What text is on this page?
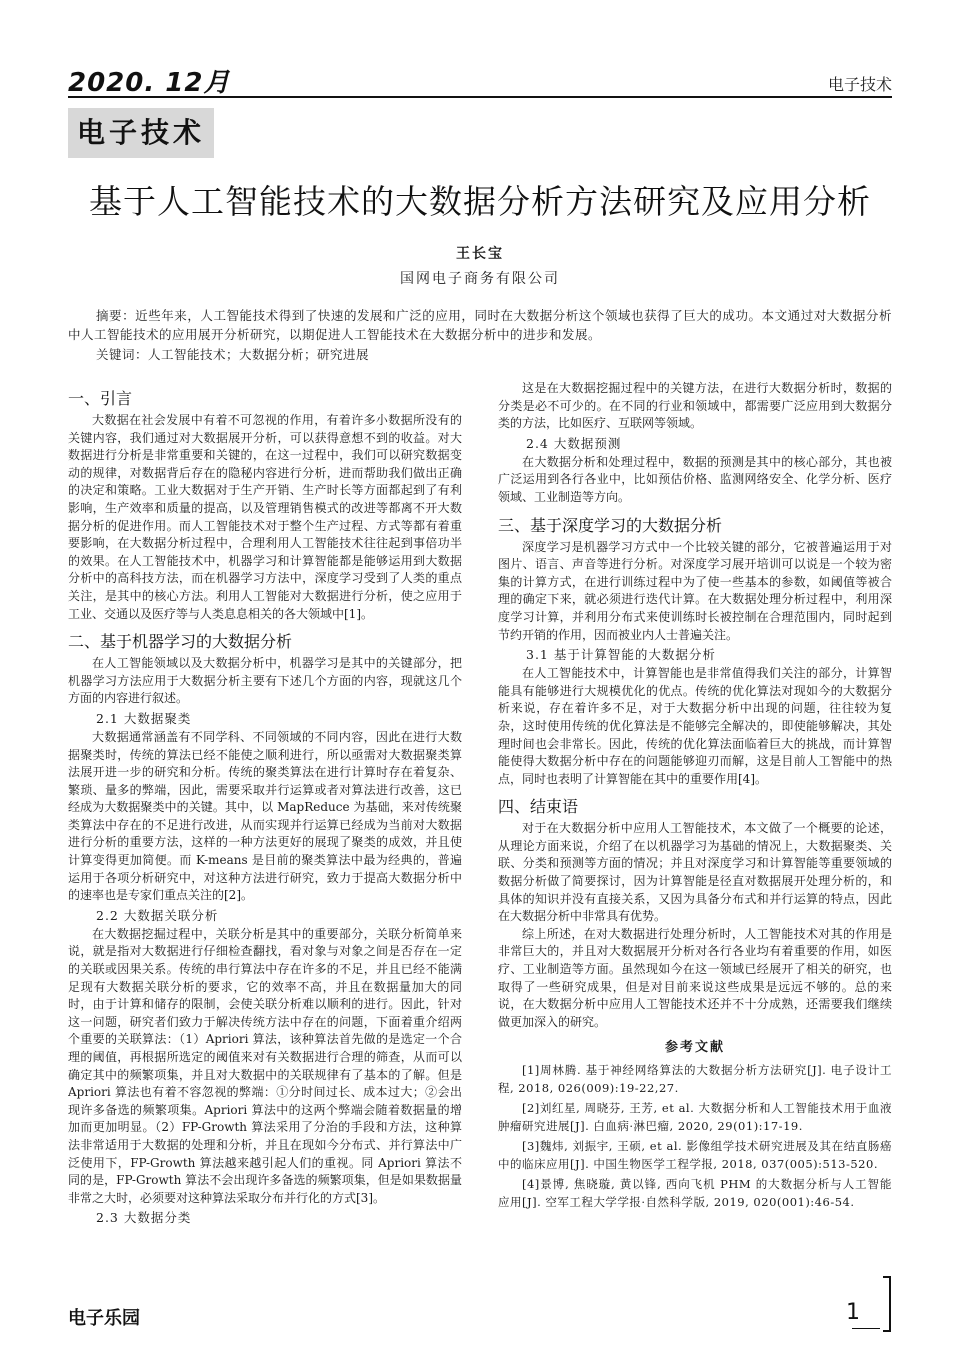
2020. 12月	电子技术
电子技术
基于人工智能技术的大数据分析方法研究及应用分析
王长宝
国网电子商务有限公司
摘要：近些年来，人工智能技术得到了快速的发展和广泛的应用，同时在大数据分析这个领域也获得了巨大的成功。本文通过对大数据分析中人工智能技术的应用展开分析研究，以期促进人工智能技术在大数据分析中的进步和发展。
关键词：人工智能技术；大数据分析；研究进展
一、引言

大数据在社会发展中有着不可忽视的作用，有着许多小数据所没有的关键内容，我们通过对大数据展开分析，可以获得意想不到的收益。对大数据进行分析是非常重要和关键的，在这一过程中，我们可以研究数据变动的规律，对数据背后存在的隐秘内容进行分析，进而帮助我们做出正确的决定和策略。工业大数据对于生产开销、生产时长等方面都起到了有利影响，生产效率和质量的提高，以及管理销售模式的改进等都离不开大数据分析的促进作用。而人工智能技术对于整个生产过程、方式等都有着重要影响，在大数据分析过程中，合理利用人工智能技术往往起到事倍功半的效果。在人工智能技术中，机器学习和计算智能都是能够运用到大数据分析中的高科技方法，而在机器学习方法中，深度学习受到了人类的重点关注，是其中的核心方法。利用人工智能对大数据进行分析，使之应用于工业、交通以及医疗等与人类息息相关的各大领域中[1]。

二、基于机器学习的大数据分析

在人工智能领域以及大数据分析中，机器学习是其中的关键部分，把机器学习方法应用于大数据分析主要有下述几个方面的内容，现就这几个方面的内容进行叙述。

2.1 大数据聚类

大数据通常涵盖有不同学科、不同领域的不同内容，因此在进行大数据聚类时，传统的算法已经不能使之顺利进行，所以亟需对大数据聚类算法展开进一步的研究和分析。传统的聚类算法在进行计算时存在着复杂、繁琐、量多的弊端，因此，需要采取并行运算或者对算法进行改善，这已经成为大数据聚类中的关键。其中，以 MapReduce 为基础，来对传统聚类算法中存在的不足进行改进，从而实现并行运算已经成为当前对大数据进行分析的重要方法，这样的一种方法更好的展现了聚类的成效，并且使计算变得更加简便。而 K-means 是目前的聚类算法中最为经典的，普遍运用于各项分析研究中，对这种方法进行研究，致力于提高大数据分析中的速率也是专家们重点关注的[2]。

2.2 大数据关联分析

在大数据挖掘过程中，关联分析是其中的重要部分，关联分析简单来说，就是指对大数据进行仔细检查翻找，看对象与对象之间是否存在一定的关联或因果关系。传统的串行算法中存在许多的不足，并且已经不能满足现有大数据关联分析的要求，它的效率不高，并且在数据量加大的同时，由于计算和储存的限制，会使关联分析难以顺利的进行。因此，针对这一问题，研究者们致力于解决传统方法中存在的问题，下面着重介绍两个重要的关联算法：（1）Apriori 算法，该种算法首先做的是选定一个合理的阈值，再根据所选定的阈值来对有关数据进行合理的筛查，从而可以确定其中的频繁项集，并且对大数据中的关联规律有了基本的了解。但是 Apriori 算法也有着不容忽视的弊端：①分时间过长、成本过大；②会出现许多备选的频繁项集。Apriori 算法中的这两个弊端会随着数据量的增加而更加明显。（2）FP-Growth 算法采用了分治的手段和方法，这种算法非常适用于大数据的处理和分析，并且在现如今分布式、并行算法中广泛使用下，FP-Growth 算法越来越引起人们的重视。同 Apriori 算法不同的是，FP-Growth 算法不会出现许多备选的频繁项集，但是如果数据量非常之大时，必须要对这种算法采取分布并行化的方式[3]。

2.3 大数据分类

这是在大数据挖掘过程中的关键方法，在进行大数据分析时，数据的分类是必不可少的。在不同的行业和领域中，都需要广泛应用到大数据分类的方法，比如医疗、互联网等领域。

2.4 大数据预测

在大数据分析和处理过程中，数据的预测是其中的核心部分，其也被广泛运用到各行各业中，比如预估价格、监测网络安全、化学分析、医疗领域、工业制造等方向。

三、基于深度学习的大数据分析

深度学习是机器学习方式中一个比较关键的部分，它被普遍运用于对图片、语言、声音等进行分析。对深度学习展开培训可以说是一个较为密集的计算方式，在进行训练过程中为了使一些基本的参数，如阈值等被合理的确定下来，就必须进行迭代计算。在大数据处理分析过程中，利用深度学习计算，并利用分布式来使训练时长被控制在合理范围内，同时起到节约开销的作用，因而被业内人士普遍关注。

3.1 基于计算智能的大数据分析

在人工智能技术中，计算智能也是非常值得我们关注的部分，计算智能具有能够进行大规模优化的优点。传统的优化算法对现如今的大数据分析来说，存在着许多不足，对于大数据分析中出现的问题，往往较为复杂，这时使用传统的优化算法是不能够完全解决的，即使能够解决，其处理时间也会非常长。因此，传统的优化算法面临着巨大的挑战，而计算智能使得大数据分析中存在的问题能够迎刃而解，这是目前人工智能中的热点，同时也表明了计算智能在其中的重要作用[4]。

四、结束语

对于在大数据分析中应用人工智能技术，本文做了一个概要的论述，从理论方面来说，介绍了在以机器学习为基础的情况上，大数据聚类、关联、分类和预测等方面的情况；并且对深度学习和计算智能等重要领域的数据分析做了简要探讨，因为计算智能是径直对数据展开处理分析的，和具体的知识并没有直接关系，又因为具备分布式和并行运算的特点，因此在大数据分析中非常具有优势。

综上所述，在对大数据进行处理分析时，人工智能技术对其的作用是非常巨大的，并且对大数据展开分析对各行各业均有着重要的作用，如医疗、工业制造等方面。虽然现如今在这一领域已经展开了相关的研究，也取得了一些研究成果，但是对目前来说这些成果是远远不够的。总的来说，在大数据分析中应用人工智能技术还并不十分成熟，还需要我们继续做更加深入的研究。

参考文献

[1]周林腾. 基于神经网络算法的大数据分析方法研究[J]. 电子设计工程, 2018, 026(009):19-22,27.

[2]刘红星, 周晓芬, 王芳, et al. 大数据分析和人工智能技术用于血液肿瘤研究进展[J]. 白血病·淋巴瘤, 2020, 29(01):17-19.

[3]魏炜, 刘振宇, 王硕, et al. 影像组学技术研究进展及其在结直肠癌中的临床应用[J]. 中国生物医学工程学报, 2018, 037(005):513-520.

[4]景博, 焦晓璇, 黄以锋, 西向飞机 PHM 的大数据分析与人工智能应用[J]. 空军工程大学学报·自然科学版, 2019, 020(001):46-54.

电子乐园	1
